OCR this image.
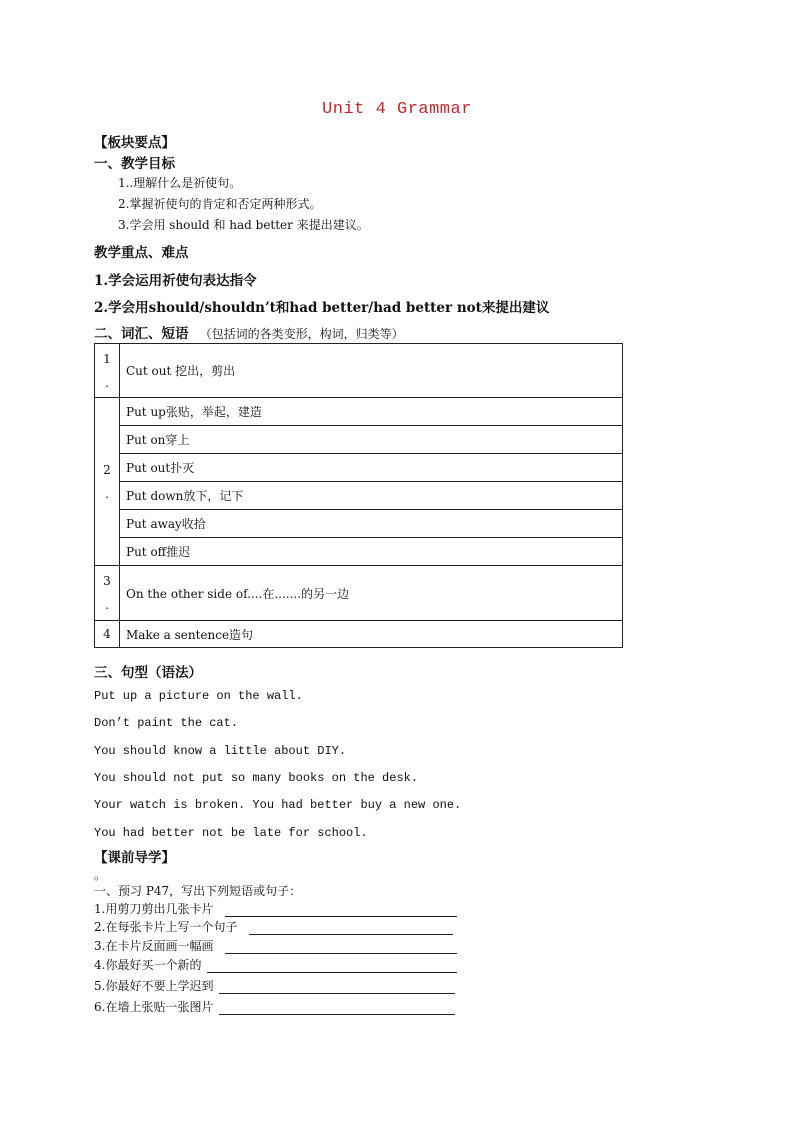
Unit 4 Grammar
【板块要点】
一、教学目标
1..理解什么是祈使句。
2.掌握祈使句的肯定和否定两种形式。
3.学会用 should 和 had better 来提出建议。
教学重点、难点
1.学会运用祈使句表达指令
2.学会用should/shouldn’t和had better/had better not来提出建议
二、词汇、短语 （包括词的各类变形，构词，归类等）
1
.	Cut out 挖出，剪出
2
.	Put up张贴，举起，建造
	Put on穿上
	Put out扑灭
	Put down放下，记下
	Put away收拾
	Put off推迟
3
.	On the other side of....在.......的另一边
4	Make a sentence造句
三、句型（语法）
Put up a picture on the wall.
Don’t paint the cat.
You should know a little about DIY.
You should not put so many books on the desk.
Your watch is broken. You had better buy a new one.
You had better not be late for school.
【课前导学】
。
一、预习 P47，写出下列短语或句子：
1.用剪刀剪出几张卡片
2.在每张卡片上写一个句子
3.在卡片反面画一幅画
4.你最好买一个新的
5.你最好不要上学迟到
6.在墙上张贴一张图片
